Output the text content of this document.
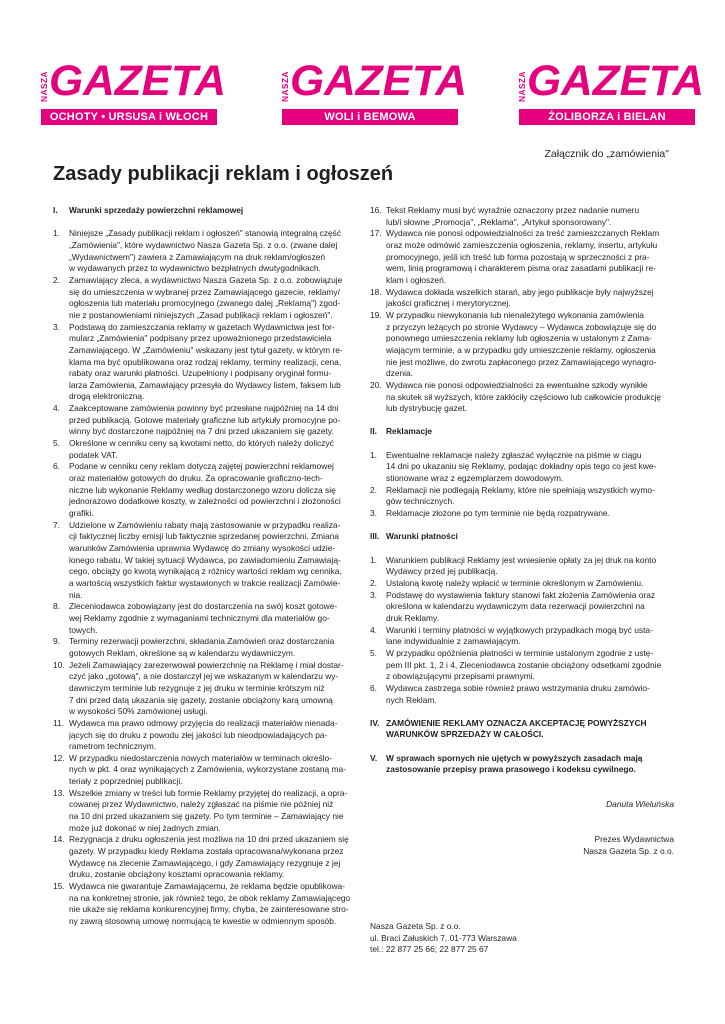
NASZA GAZETA
OCHOTY • URSUSA i WŁOCH
NASZA GAZETA
WOLI i BEMOWA
NASZA GAZETA
ŻOLIBORZA i BIELAN
Załącznik do „zamówienia"
Zasady publikacji reklam i ogłoszeń
I.	Warunki sprzedaży powierzchni reklamowej
1.	Niniejsze „Zasady publikacji reklam i ogłoszeń" stanowią integralną część
„Zamówienia", które wydawnictwo Nasza Gazeta Sp. z o.o. (zwane dalej
„Wydawnictwem") zawiera z Zamawiającym na druk reklam/ogłoszeń
w wydawanych przez to wydawnictwo bezpłatnych dwutygodnikach.
2.	Zamawiający zleca, a wydawnictwo Nasza Gazeta Sp. z o.o. zobowiązuje
się do umieszczenia w wybranej przez Zamawiającego gazecie, reklamy/
ogłoszenia lub materiału promocyjnego (zwanego dalej „Reklamą") zgod-
nie z postanowieniami niniejszych „Zasad publikacji reklam i ogłoszeń".
3.	Podstawą do zamieszczania reklamy w gazetach Wydawnictwa jest for-
mularz „Zamówienia" podpisany przez upoważnionego przedstawiciela
Zamawiającego. W „Zamówieniu" wskazany jest tytuł gazety, w którym re-
klama ma być opublikowana oraz rodzaj reklamy, terminy realizacji, cena,
rabaty oraz warunki płatności. Uzupełniony i podpisany oryginał formu-
larza Zamówienia, Zamawiający przesyła do Wydawcy listem, faksem lub
drogą elektroniczną.
4.	Zaakceptowane zamówienia powinny być przesłane najpóźniej na 14 dni
przed publikacją. Gotowe materiały graficzne lub artykuły promocyjne po-
winny być dostarczone najpóźniej na 7 dni przed ukazaniem się gazety.
5.	Określone w cenniku ceny są kwotami netto, do których należy doliczyć
podatek VAT.
6.	Podane w cenniku ceny reklam dotyczą zajętej powierzchni reklamowej
oraz materiałów gotowych do druku. Za opracowanie graficzno-tech-
niczne lub wykonanie Reklamy według dostarczonego wzoru dolicza się
jednorazowo dodatkowe koszty, w zależności od powierzchni i złożoności
grafiki.
7.	Udzielone w Zamówieniu rabaty mają zastosowanie w przypadku realiza-
cji faktycznej liczby emisji lub faktycznie sprzedanej powierzchni. Zmiana
warunków Zamówienia uprawnia Wydawcę do zmiany wysokości udzie-
lonego rabatu. W takiej sytuacji Wydawca, po zawiadomieniu Zamawiają-
cego, obciąży go kwotą wynikającą z różnicy wartości reklam wg cennika,
a wartością wszystkich faktur wystawionych w trakcie realizacji Zamówie-
nia.
8.	Zleceniodawca zobowiązany jest do dostarczenia na swój koszt gotowe-
wej Reklamy zgodnie z wymaganiami technicznymi dla materiałów go-
towych.
9.	Terminy rezerwacji powierzchni, składania Zamówień oraz dostarczania
gotowych Reklam, określone są w kalendarzu wydawniczym.
10. Jeżeli Zamawiający zarezerwował powierzchnię na Reklamę i miał dostar-
czyć jako „gotową", a nie dostarczył jej we wskazanym w kalendarzu wy-
dawniczym terminie lub rezygnuje z jej druku w terminie krótszym niż
7 dni przed datą ukazania się gazety, zostanie obciążony karą umowną
w wysokości 50% zamówionej usługi.
11. Wydawca ma prawo odmowy przyjęcia do realizacji materiałów nienada-
jących się do druku z powodu złej jakości lub nieodpowiadających pa-
rametrom technicznym.
12. W przypadku niedostarczenia nowych materiałów w terminach określo-
nych w pkt. 4 oraz wynikających z Zamówienia, wykorzystane zostaną ma-
teriały z poprzedniej publikacji.
13. Wszelkie zmiany w treści lub formie Reklamy przyjętej do realizacji, a opra-
cowanej przez Wydawnictwo, należy zgłaszać na piśmie nie później niż
na 10 dni przed ukazaniem się gazety. Po tym terminie – Zamawiający nie
może już dokonać w niej żadnych zmian.
14. Rezygnacja z druku ogłoszenia jest możliwa na 10 dni przed ukazaniem się
gazety. W przypadku kiedy Reklama została opracowana/wykonana przez
Wydawcę na zlecenie Zamawiającego, i gdy Zamawiający rezygnuje z jej
druku, zostanie obciążony kosztami opracowania reklamy.
15. Wydawca nie gwarantuje Zamawiającemu, że reklama będzie opublikowa-
na na konkretnej stronie, jak również tego, że obok reklamy Zamawiającego
nie ukaże się reklama konkurencyjnej firmy, chyba, że zainteresowane stro-
ny zawrą stosowną umowę normującą te kwestie w odmiennym sposób.
16. Tekst Reklamy musi być wyraźnie oznaczony przez nadanie numeru
lub/i słowne „Promocja", „Reklama", „Artykuł sponsorowany".
17. Wydawca nie ponosi odpowiedzialności za treść zamieszczanych Reklam
oraz może odmówić zamieszczenia ogłoszenia, reklamy, insertu, artykułu
promocyjnego, jeśli ich treść lub forma pozostają w sprzeczności z pra-
wem, linią programową i charakterem pisma oraz zasadami publikacji re-
klam i ogłoszeń.
18. Wydawca dokłada wszelkich starań, aby jego publikacje były najwyższej
jakości graficznej i merytorycznej.
19. W przypadku niewykonania lub nienależytego wykonania zamówienia
z przyczyn leżących po stronie Wydawcy – Wydawca zobowiązuje się do
ponownego umieszczenia reklamy lub ogłoszenia w ustalonym z Zama-
wiającym terminie, a w przypadku gdy umieszczenie reklamy, ogłoszenia
nie jest możliwe, do zwrotu zapłaconego przez Zamawiającego wynagro-
dzenia.
20. Wydawca nie ponosi odpowiedzialności za ewentualne szkody wynikłe
na skutek sił wyższych, które zakłóciły częściowo lub całkowicie produkcję
lub dystrybucję gazet.
II.	Reklamacje
1.	Ewentualne reklamacje należy zgłaszać wyłącznie na piśmie w ciągu
14 dni po ukazaniu się Reklamy, podając dokładny opis tego co jest kwe-
stionowane wraz z egzemplarzem dowodowym.
2.	Reklamacji nie podlegają Reklamy, które nie spełniają wszystkich wymo-
gów technicznych.
3.	Reklamacje złożone po tym terminie nie będą rozpatrywane.
III. Warunki płatności
1.	Warunkiem publikacji Reklamy jest wniesienie opłaty za jej druk na konto
Wydawcy przed jej publikacją.
2.	Ustaloną kwotę należy wpłacić w terminie określonym w Zamówieniu.
3.	Podstawę do wystawienia faktury stanowi fakt złożenia Zamówienia oraz
określona w kalendarzu wydawniczym data rezerwacji powierzchni na
druk Reklamy.
4.	Warunki i terminy płatności w wyjątkowych przypadkach mogą być usta-
lane indywidualnie z zamawiającym.
5.	W przypadku opóźnienia płatności w terminie ustalonym zgodnie z ustę-
pem III pkt. 1, 2 i 4, Zleceniodawca zostanie obciążony odsetkami zgodnie
z obowiązującymi przepisami prawnymi.
6.	Wydawca zastrzega sobie również prawo wstrzymania druku zamówio-
nych Reklam.
IV. ZAMÓWIENIE REKLAMY OZNACZA AKCEPTACJĘ POWYŻSZYCH
WARUNKÓW SPRZEDAŻY W CAŁOŚCI.
V.	W sprawach spornych nie ujętych w powyższych zasadach mają
zastosowanie przepisy prawa prasowego i kodeksu cywilnego.
Danuta Wieluńska
Prezes Wydawnictwa
Nasza Gazeta Sp. z o.o.
Nasza Gazeta Sp. z o.o.
ul. Braci Załuskich 7, 01-773 Warszawa
tel.: 22 877 25 66; 22 877 25 67
